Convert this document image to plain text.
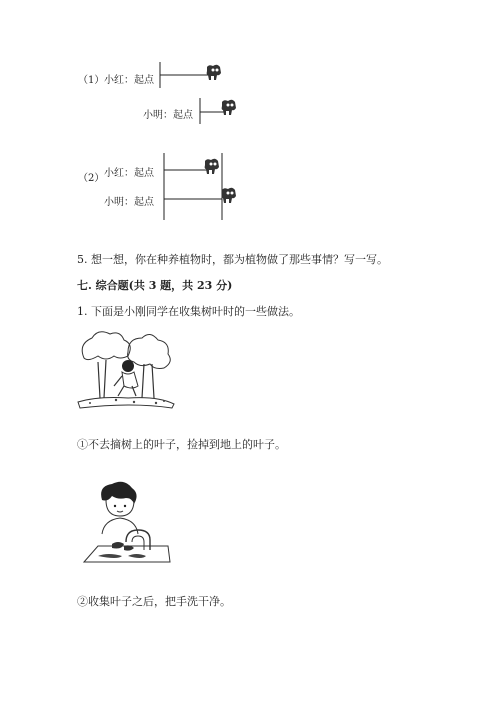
（1） 小红：起点
小明：起点
（2） 小红：起点
小明：起点
5. 想一想，你在种养植物时，都为植物做了那些事情？写一写。
七. 综合题(共 3 题，共 23 分)
1. 下面是小刚同学在收集树叶时的一些做法。
①不去摘树上的叶子，捡掉到地上的叶子。
②收集叶子之后，把手洗干净。
